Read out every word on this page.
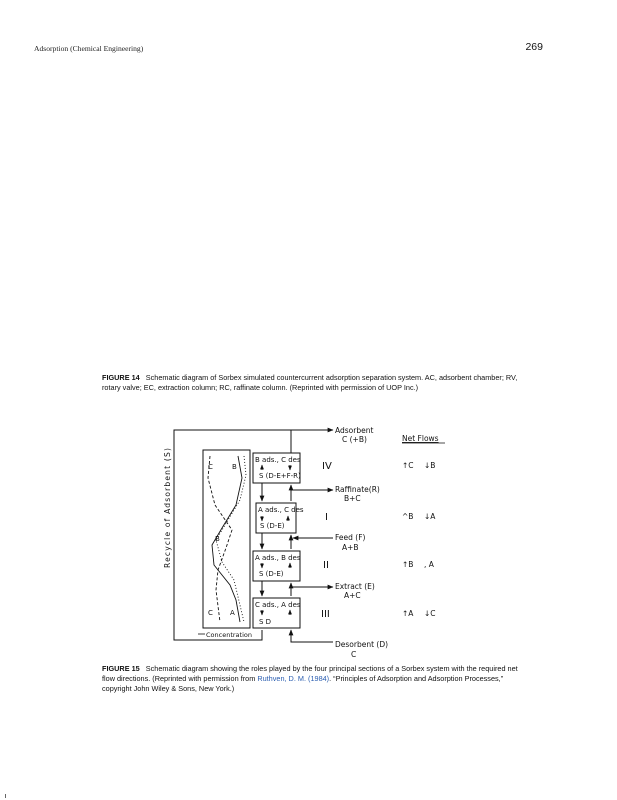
Adsorption (Chemical Engineering)	269
FIGURE 14 Schematic diagram of Sorbex simulated countercurrent adsorption separation system. AC, adsorbent chamber; RV, rotary valve; EC, extraction column; RC, raffinate column. (Reprinted with permission of UOP Inc.)
Recycle of Adsorbent (S)	C	B
B
C A
Concentration
B ads., C des
S (D-E+F-R)
A ads., C des
S (D-E)
A ads., B des
S (D-E)
C ads., A des
S D
Adsorbent
C (+B)
Raffinate(R)
B+C
Feed (F)
A+B
Extract (E)
A+C
Desorbent (D)
C
IV
I
II
III
Net Flows
↑C ↓B
^B ↓A
↑B , A
↑A ↓C
FIGURE 15 Schematic diagram showing the roles played by the four principal sections of a Sorbex system with the required net flow directions. (Reprinted with permission from Ruthven, D. M. (1984). “Principles of Adsorption and Adsorption Processes,” copyright John Wiley & Sons, New York.)
